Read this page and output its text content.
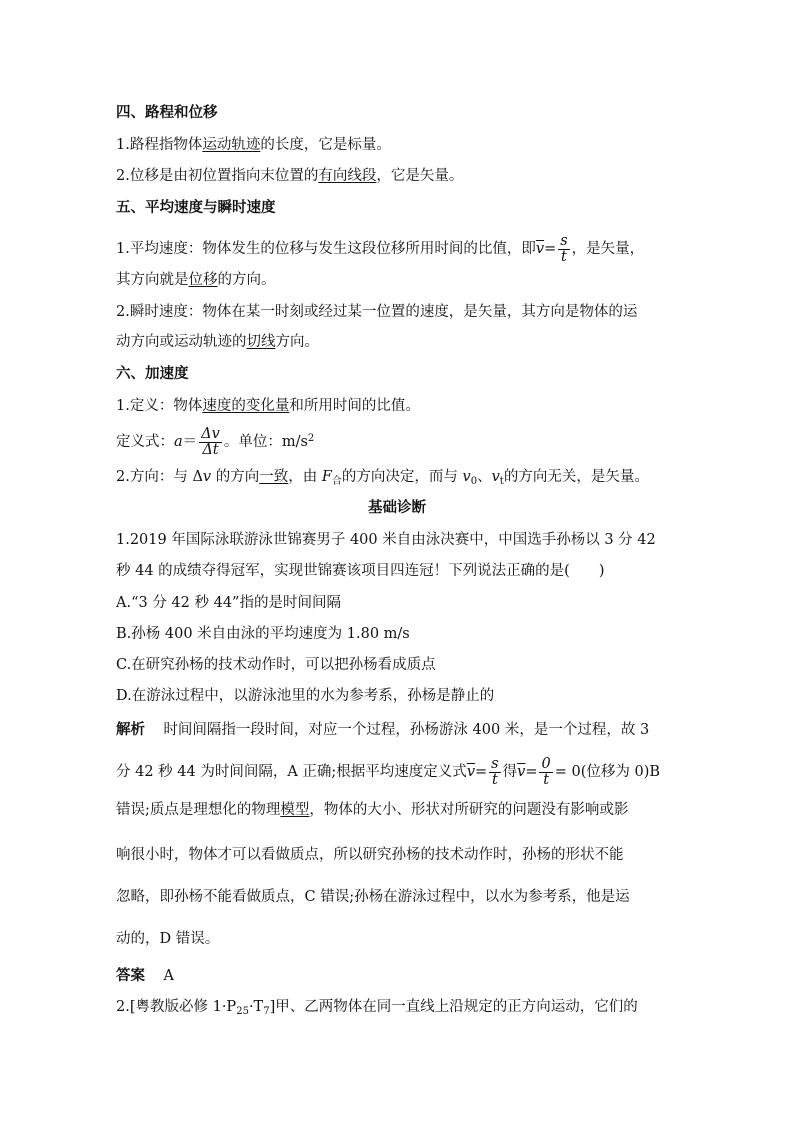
四、路程和位移
1.路程指物体运动轨迹的长度，它是标量。
2.位移是由初位置指向末位置的有向线段，它是矢量。
五、平均速度与瞬时速度
1.平均速度：物体发生的位移与发生这段位移所用时间的比值，即$\overline{v}= \frac{s}{t}$ ，是矢量，
其方向就是位移的方向。
2.瞬时速度：物体在某一时刻或经过某一位置的速度，是矢量，其方向是物体的运
动方向或运动轨迹的切线方向。
六、加速度
1.定义：物体速度的变化量和所用时间的比值。
定义式：$a= \frac{\Delta v}{\Delta t}$ 。单位：$m/s^2$
2.方向：与 Δv 的方向一致，由 $F_合$的方向决定，而与 $v_0$、$v_t$的方向无关，是矢量。
基础诊断
1.2019 年国际泳联游泳世锦赛男子 400 米自由泳决赛中，中国选手孙杨以 3 分 42
秒 44 的成绩夺得冠军，实现世锦赛该项目四连冠！下列说法正确的是(　　)
A.“3 分 42 秒 44”指的是时间间隔
B.孙杨 400 米自由泳的平均速度为 1.80 m/s
C.在研究孙杨的技术动作时，可以把孙杨看成质点
D.在游泳过程中，以游泳池里的水为参考系，孙杨是静止的
解析 时间间隔指一段时间，对应一个过程，孙杨游泳 400 米，是一个过程，故 3
分 42 秒 44 为时间间隔，A 正确;根据平均速度定义式$\overline{v}= \frac{s}{t}$ 得$\overline{v}= \frac{0}{t} = 0$(位移为 0)B
错误;质点是理想化的物理模型，物体的大小、形状对所研究的问题没有影响或影
响很小时，物体才可以看做质点，所以研究孙杨的技术动作时，孙杨的形状不能
忽略，即孙杨不能看做质点，C 错误;孙杨在游泳过程中，以水为参考系，他是运
动的，D 错误。
答案 A
2.[粤教版必修 $1\cdot P_{25}\cdot T_7$]甲、乙两物体在同一直线上沿规定的正方向运动，它们的
